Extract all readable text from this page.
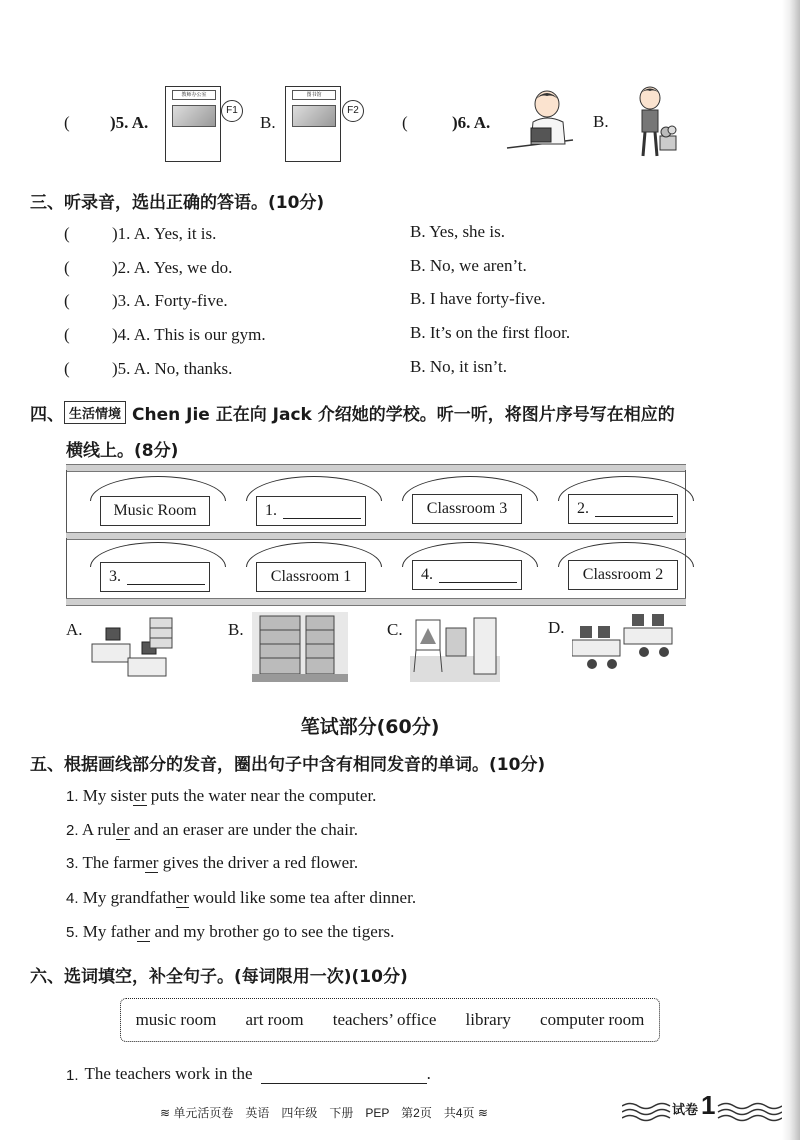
( )5. A.
教师办公室
F1
B.
图书馆
F2
(	)6. A.	B.
三、听录音，选出正确的答语。(10分)
( )1. A. Yes, it is.	B. Yes, she is.
( )2. A. Yes, we do.	B. No, we aren’t.
( )3. A. Forty-five.	B. I have forty-five.
( )4. A. This is our gym.	B. It’s on the first floor.
( )5. A. No, thanks.	B. No, it isn’t.
四、 生活情境 Chen Jie 正在向 Jack 介绍她的学校。听一听，将图片序号写在相应的
横线上。(8分)
Music Room	1.	Classroom 3	2.
3.	Classroom 1	4.	Classroom 2
A.	B.	C.	D.
笔试部分(60分)
五、根据画线部分的发音，圈出句子中含有相同发音的单词。(10分)
1. My sister puts the water near the computer.
2. A ruler and an eraser are under the chair.
3. The farmer gives the driver a red flower.
4. My grandfather would like some tea after dinner.
5. My father and my brother go to see the tigers.
六、选词填空，补全句子。(每词限用一次)(10分)
music room art room teachers’ office library computer room
1. The teachers work in the	.
≋ 单元活页卷　英语　四年级　下册　PEP　第2页　共4页 ≋	试卷 1
